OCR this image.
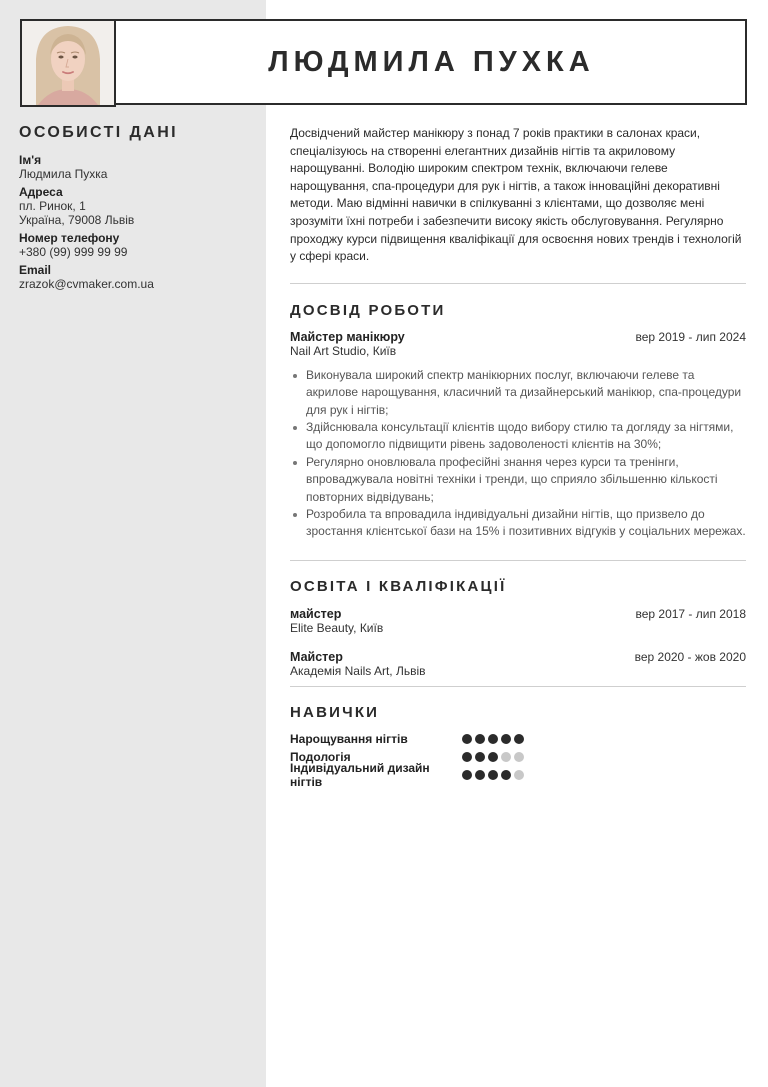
ЛЮДМИЛА ПУХКА
ОСОБИСТІ ДАНІ
Ім'я
Людмила Пухка
Адреса
пл. Ринок, 1
Україна, 79008 Львів
Номер телефону
+380 (99) 999 99 99
Email
zrazok@cvmaker.com.ua

Досвідчений майстер манікюру з понад 7 років практики в салонах краси, спеціалізуюсь на створенні елегантних дизайнів нігтів та акриловому нарощуванні. Володію широким спектром технік, включаючи гелеве нарощування, спа-процедури для рук і нігтів, а також інноваційні декоративні методи. Маю відмінні навички в спілкуванні з клієнтами, що дозволяє мені зрозуміти їхні потреби і забезпечити високу якість обслуговування. Регулярно проходжу курси підвищення кваліфікації для освоєння нових трендів і технологій у сфері краси.

ДОСВІД РОБОТИ
Майстер манікюру	вер 2019 - лип 2024
Nail Art Studio, Київ
Виконувала широкий спектр манікюрних послуг, включаючи гелеве та акрилове нарощування, класичний та дизайнерський манікюр, спа-процедури для рук і нігтів;
Здійснювала консультації клієнтів щодо вибору стилю та догляду за нігтями, що допомогло підвищити рівень задоволеності клієнтів на 30%;
Регулярно оновлювала професійні знання через курси та тренінги, впроваджувала новітні техніки і тренди, що сприяло збільшенню кількості повторних відвідувань;
Розробила та впровадила індивідуальні дизайни нігтів, що призвело до зростання клієнтської бази на 15% і позитивних відгуків у соціальних мережах.
ОСВІТА І КВАЛІФІКАЦІЇ
майстер	вер 2017 - лип 2018
Elite Beauty, Київ
Майстер	вер 2020 - жов 2020
Академія Nails Art, Львів
НАВИЧКИ
Нарощування нігтів
Подологія
Індивідуальний дизайн нігтів
